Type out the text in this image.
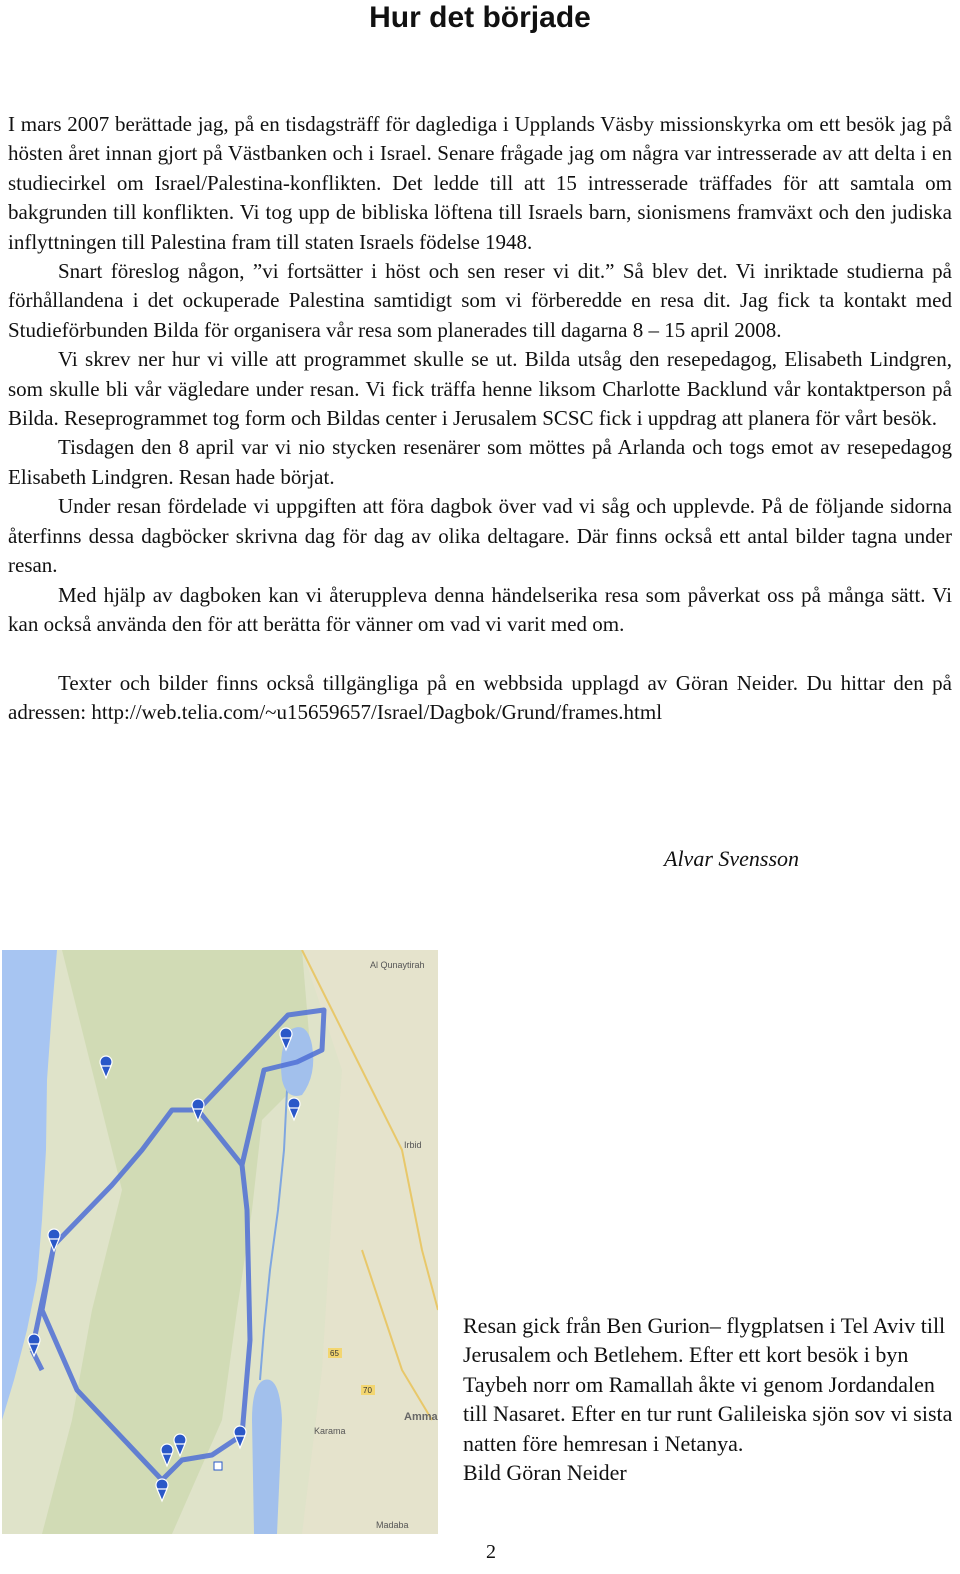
Hur det började

I mars 2007 berättade jag, på en tisdagsträff för dagledigа i Upplands Väsby missionskyrka om ett besök jag på hösten året innan gjort på Västbanken och i Israel. Senare frågade jag om några var intresserade av att delta i en studiecirkel om Israel/Palestina-konflikten. Det ledde till att 15 intresserade träffades för att samtala om bakgrunden till konflikten. Vi tog upp de bibliska löftena till Israels barn, sionismens framväxt och den judiska inflyttningen till Palestina fram till staten Israels födelse 1948.

Snart föreslog någon, ”vi fortsätter i höst och sen reser vi dit.” Så blev det. Vi inriktade studierna på förhållandena i det ockuperade Palestina samtidigt som vi förberedde en resa dit. Jag fick ta kontakt med Studieförbunden Bilda för organisera vår resa som planerades till dagarna 8 – 15 april 2008.

Vi skrev ner hur vi ville att programmet skulle se ut. Bilda utsåg den resepedagog, Elisabeth Lindgren, som skulle bli vår vägledare under resan. Vi fick träffa henne liksom Charlotte Backlund vår kontaktperson på Bilda. Reseprogrammet tog form och Bildas center i Jerusalem SCSC fick i uppdrag att planera för vårt besök.

Tisdagen den 8 april var vi nio stycken resenärer som möttes på Arlanda och togs emot av resepedagog Elisabeth Lindgren. Resan hade börjat.

Under resan fördelade vi uppgiften att föra dagbok över vad vi såg och upplevde. På de följande sidorna återfinns dessa dagböcker skrivna dag för dag av olika deltagare. Där finns också ett antal bilder tagna under resan.

Med hjälp av dagboken kan vi återuppleva denna händelserika resa som påverkat oss på många sätt. Vi kan också använda den för att berätta för vänner om vad vi varit med om.

Texter och bilder finns också tillgängliga på en webbsida upplagd av Göran Neider. Du hittar den på adressen: http://web.telia.com/~u15659657/Israel/Dagbok/Grund/frames.html

Alvar Svensson
Al Qunaytirah
Irbid
Karama
Amma
Madaba
70
65

Resan gick från Ben Gurion– flygplatsen i Tel Aviv till Jerusalem och Betlehem. Efter ett kort besök i byn Taybeh norr om Ramallah åkte vi genom Jordandalen till Nasaret. Efter en tur runt Galileiska sjön sov vi sista natten före hemresan i Netanya.

Bild Göran Neider

2
